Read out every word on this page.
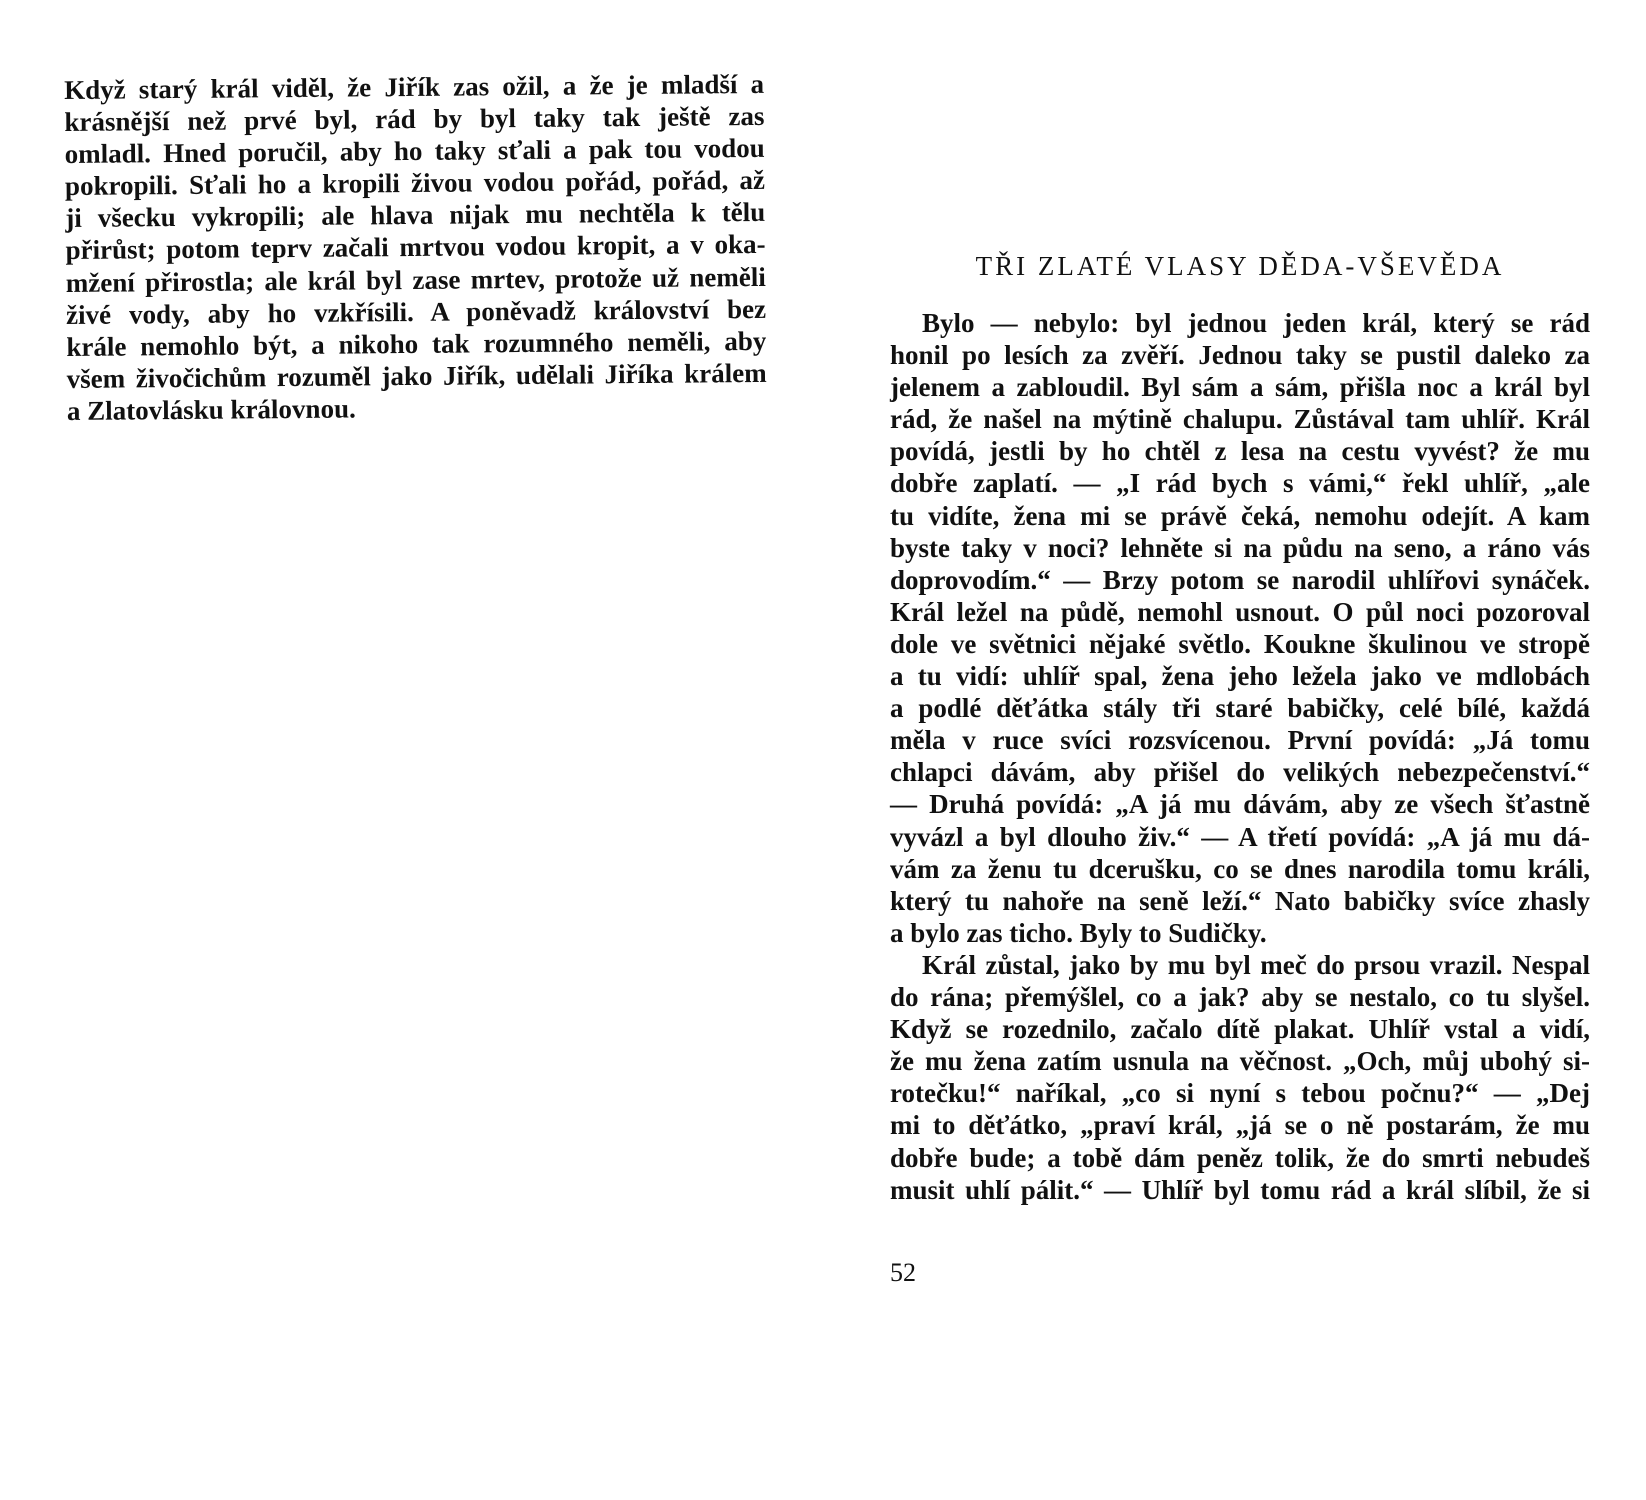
Když starý král viděl, že Jiřík zas ožil, a že je mladší a
krásnější než prvé byl, rád by byl taky tak ještě zas
omladl. Hned poručil, aby ho taky sťali a pak tou vodou
pokropili. Sťali ho a kropili živou vodou pořád, pořád, až
ji všecku vykropili; ale hlava nijak mu nechtěla k tělu
přirůst; potom teprv začali mrtvou vodou kropit, a v oka-
mžení přirostla; ale král byl zase mrtev, protože už neměli
živé vody, aby ho vzkřísili. A poněvadž království bez
krále nemohlo být, a nikoho tak rozumného neměli, aby
všem živočichům rozuměl jako Jiřík, udělali Jiříka králem
a Zlatovlásku královnou.
TŘI ZLATÉ VLASY DĚDA-VŠEVĚDA
Bylo — nebylo: byl jednou jeden král, který se rád
honil po lesích za zvěří. Jednou taky se pustil daleko za
jelenem a zabloudil. Byl sám a sám, přišla noc a král byl
rád, že našel na mýtině chalupu. Zůstával tam uhlíř. Král
povídá, jestli by ho chtěl z lesa na cestu vyvést? že mu
dobře zaplatí. — „I rád bych s vámi,“ řekl uhlíř, „ale
tu vidíte, žena mi se právě čeká, nemohu odejít. A kam
byste taky v noci? lehněte si na půdu na seno, a ráno vás
doprovodím.“ — Brzy potom se narodil uhlířovi synáček.
Král ležel na půdě, nemohl usnout. O půl noci pozoroval
dole ve světnici nějaké světlo. Koukne škulinou ve stropě
a tu vidí: uhlíř spal, žena jeho ležela jako ve mdlobách
a podlé děťátka stály tři staré babičky, celé bílé, každá
měla v ruce svíci rozsvícenou. První povídá: „Já tomu
chlapci dávám, aby přišel do velikých nebezpečenství.“
— Druhá povídá: „A já mu dávám, aby ze všech šťastně
vyvázl a byl dlouho živ.“ — A třetí povídá: „A já mu dá-
vám za ženu tu dcerušku, co se dnes narodila tomu králi,
který tu nahoře na seně leží.“ Nato babičky svíce zhasly
a bylo zas ticho. Byly to Sudičky.
Král zůstal, jako by mu byl meč do prsou vrazil. Nespal
do rána; přemýšlel, co a jak? aby se nestalo, co tu slyšel.
Když se rozednilo, začalo dítě plakat. Uhlíř vstal a vidí,
že mu žena zatím usnula na věčnost. „Och, můj ubohý si-
rotečku!“ naříkal, „co si nyní s tebou počnu?“ — „Dej
mi to děťátko, „praví král, „já se o ně postarám, že mu
dobře bude; a tobě dám peněz tolik, že do smrti nebudeš
musit uhlí pálit.“ — Uhlíř byl tomu rád a král slíbil, že si
52
